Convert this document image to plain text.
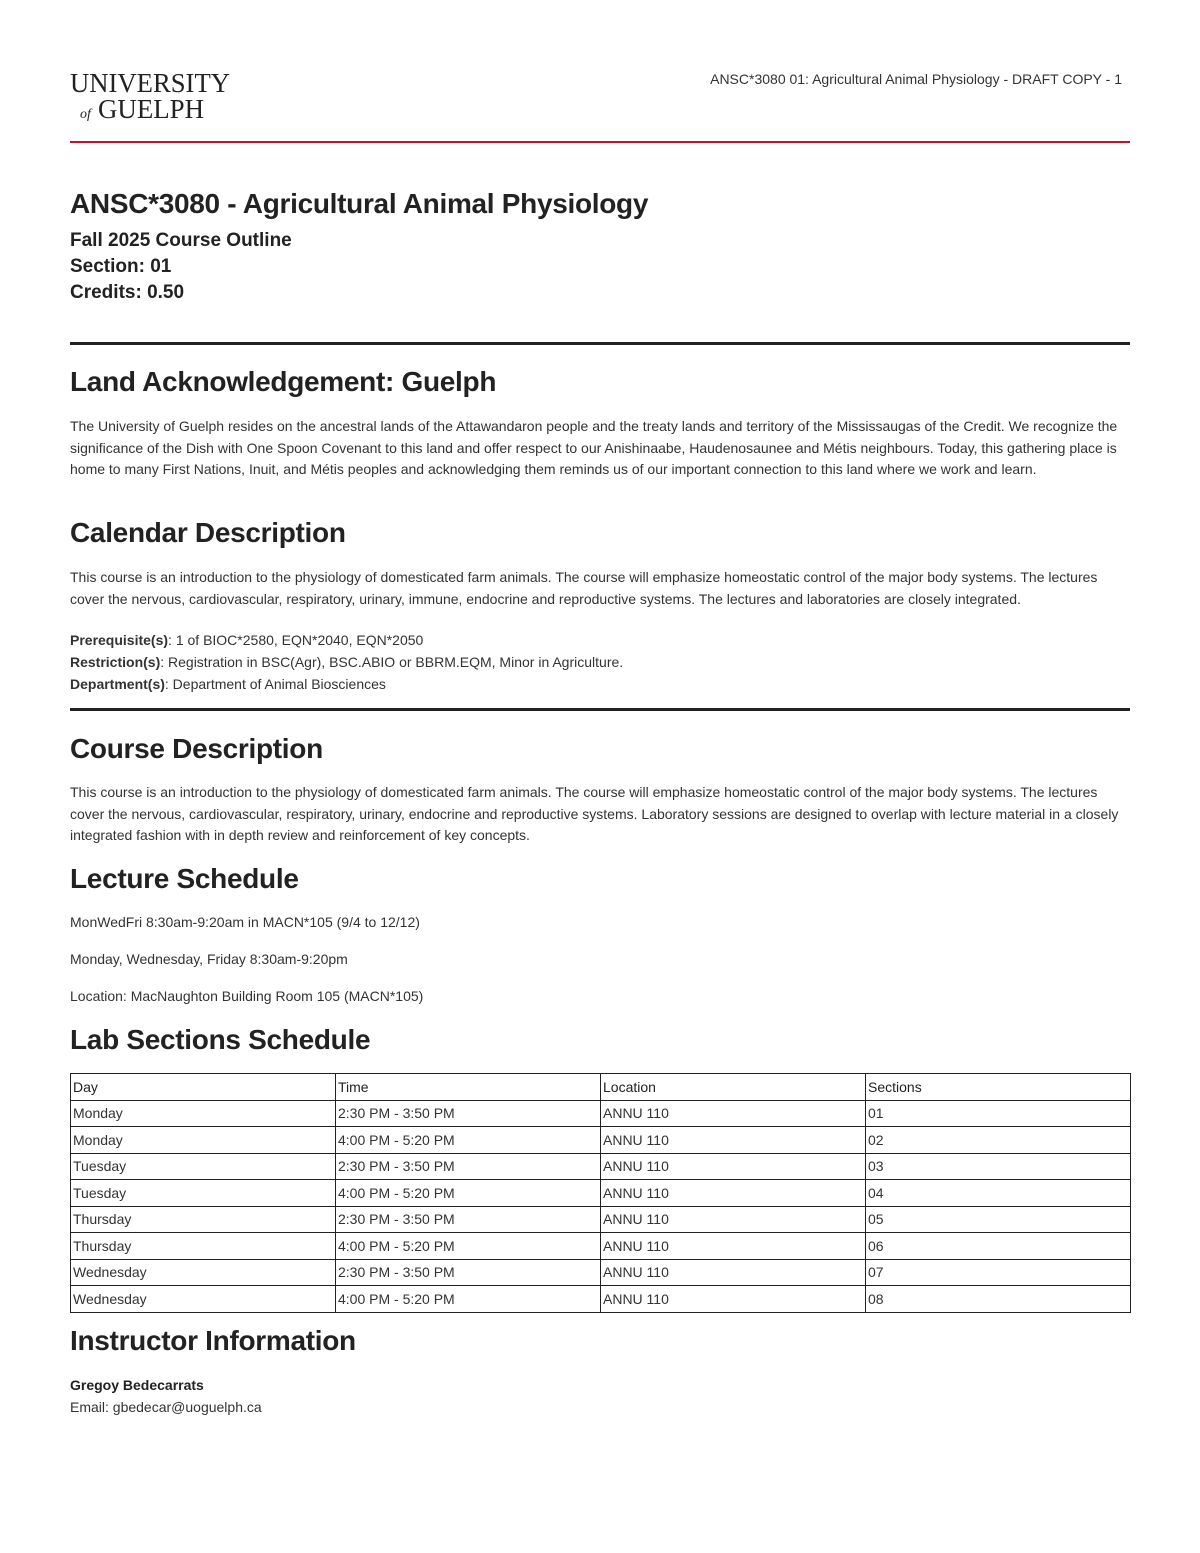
UNIVERSITY
of GUELPH
ANSC*3080 01: Agricultural Animal Physiology - DRAFT COPY - 1
ANSC*3080 - Agricultural Animal Physiology
Fall 2025 Course Outline
Section: 01
Credits: 0.50
Land Acknowledgement: Guelph

The University of Guelph resides on the ancestral lands of the Attawandaron people and the treaty lands and territory of the Mississaugas of the Credit. We recognize the significance of the Dish with One Spoon Covenant to this land and offer respect to our Anishinaabe, Haudenosaunee and Métis neighbours. Today, this gathering place is home to many First Nations, Inuit, and Métis peoples and acknowledging them reminds us of our important connection to this land where we work and learn.

Calendar Description

This course is an introduction to the physiology of domesticated farm animals. The course will emphasize homeostatic control of the major body systems. The lectures cover the nervous, cardiovascular, respiratory, urinary, immune, endocrine and reproductive systems. The lectures and laboratories are closely integrated.

Prerequisite(s): 1 of BIOC*2580, EQN*2040, EQN*2050
Restriction(s): Registration in BSC(Agr), BSC.ABIO or BBRM.EQM, Minor in Agriculture.
Department(s): Department of Animal Biosciences
Course Description

This course is an introduction to the physiology of domesticated farm animals. The course will emphasize homeostatic control of the major body systems. The lectures cover the nervous, cardiovascular, respiratory, urinary, endocrine and reproductive systems. Laboratory sessions are designed to overlap with lecture material in a closely integrated fashion with in depth review and reinforcement of key concepts.

Lecture Schedule
MonWedFri 8:30am-9:20am in MACN*105 (9/4 to 12/12)
Monday, Wednesday, Friday 8:30am-9:20pm
Location: MacNaughton Building Room 105 (MACN*105)
Lab Sections Schedule
Day	Time	Location	Sections
Monday	2:30 PM - 3:50 PM	ANNU 110	01
Monday	4:00 PM - 5:20 PM	ANNU 110	02
Tuesday	2:30 PM - 3:50 PM	ANNU 110	03
Tuesday	4:00 PM - 5:20 PM	ANNU 110	04
Thursday	2:30 PM - 3:50 PM	ANNU 110	05
Thursday	4:00 PM - 5:20 PM	ANNU 110	06
Wednesday	2:30 PM - 3:50 PM	ANNU 110	07
Wednesday	4:00 PM - 5:20 PM	ANNU 110	08
Instructor Information
Gregoy Bedecarrats
Email: gbedecar@uoguelph.ca
